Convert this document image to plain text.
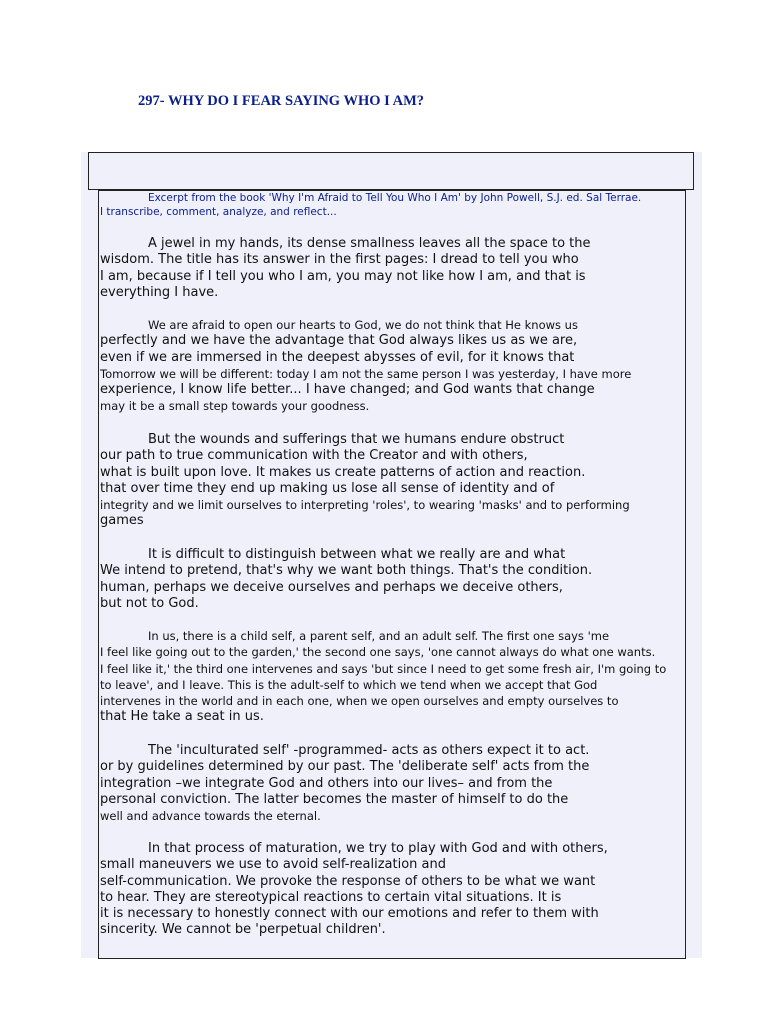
297- WHY DO I FEAR SAYING WHO I AM?
Excerpt from the book 'Why I'm Afraid to Tell You Who I Am' by John Powell, S.J. ed. Sal Terrae.
I transcribe, comment, analyze, and reflect...
A jewel in my hands, its dense smallness leaves all the space to the
wisdom. The title has its answer in the first pages: I dread to tell you who
I am, because if I tell you who I am, you may not like how I am, and that is
everything I have.
We are afraid to open our hearts to God, we do not think that He knows us
perfectly and we have the advantage that God always likes us as we are,
even if we are immersed in the deepest abysses of evil, for it knows that
Tomorrow we will be different: today I am not the same person I was yesterday, I have more
experience, I know life better... I have changed; and God wants that change
may it be a small step towards your goodness.
But the wounds and sufferings that we humans endure obstruct
our path to true communication with the Creator and with others,
what is built upon love. It makes us create patterns of action and reaction.
that over time they end up making us lose all sense of identity and of
integrity and we limit ourselves to interpreting 'roles', to wearing 'masks' and to performing
games
It is difficult to distinguish between what we really are and what
We intend to pretend, that's why we want both things. That's the condition.
human, perhaps we deceive ourselves and perhaps we deceive others,
but not to God.
In us, there is a child self, a parent self, and an adult self. The first one says 'me
I feel like going out to the garden,' the second one says, 'one cannot always do what one wants.
I feel like it,' the third one intervenes and says 'but since I need to get some fresh air, I'm going to
to leave', and I leave. This is the adult-self to which we tend when we accept that God
intervenes in the world and in each one, when we open ourselves and empty ourselves to
that He take a seat in us.
The 'inculturated self' -programmed- acts as others expect it to act.
or by guidelines determined by our past. The 'deliberate self' acts from the
integration –we integrate God and others into our lives– and from the
personal conviction. The latter becomes the master of himself to do the
well and advance towards the eternal.
In that process of maturation, we try to play with God and with others,
small maneuvers we use to avoid self-realization and
self-communication. We provoke the response of others to be what we want
to hear. They are stereotypical reactions to certain vital situations. It is
it is necessary to honestly connect with our emotions and refer to them with
sincerity. We cannot be 'perpetual children'.
